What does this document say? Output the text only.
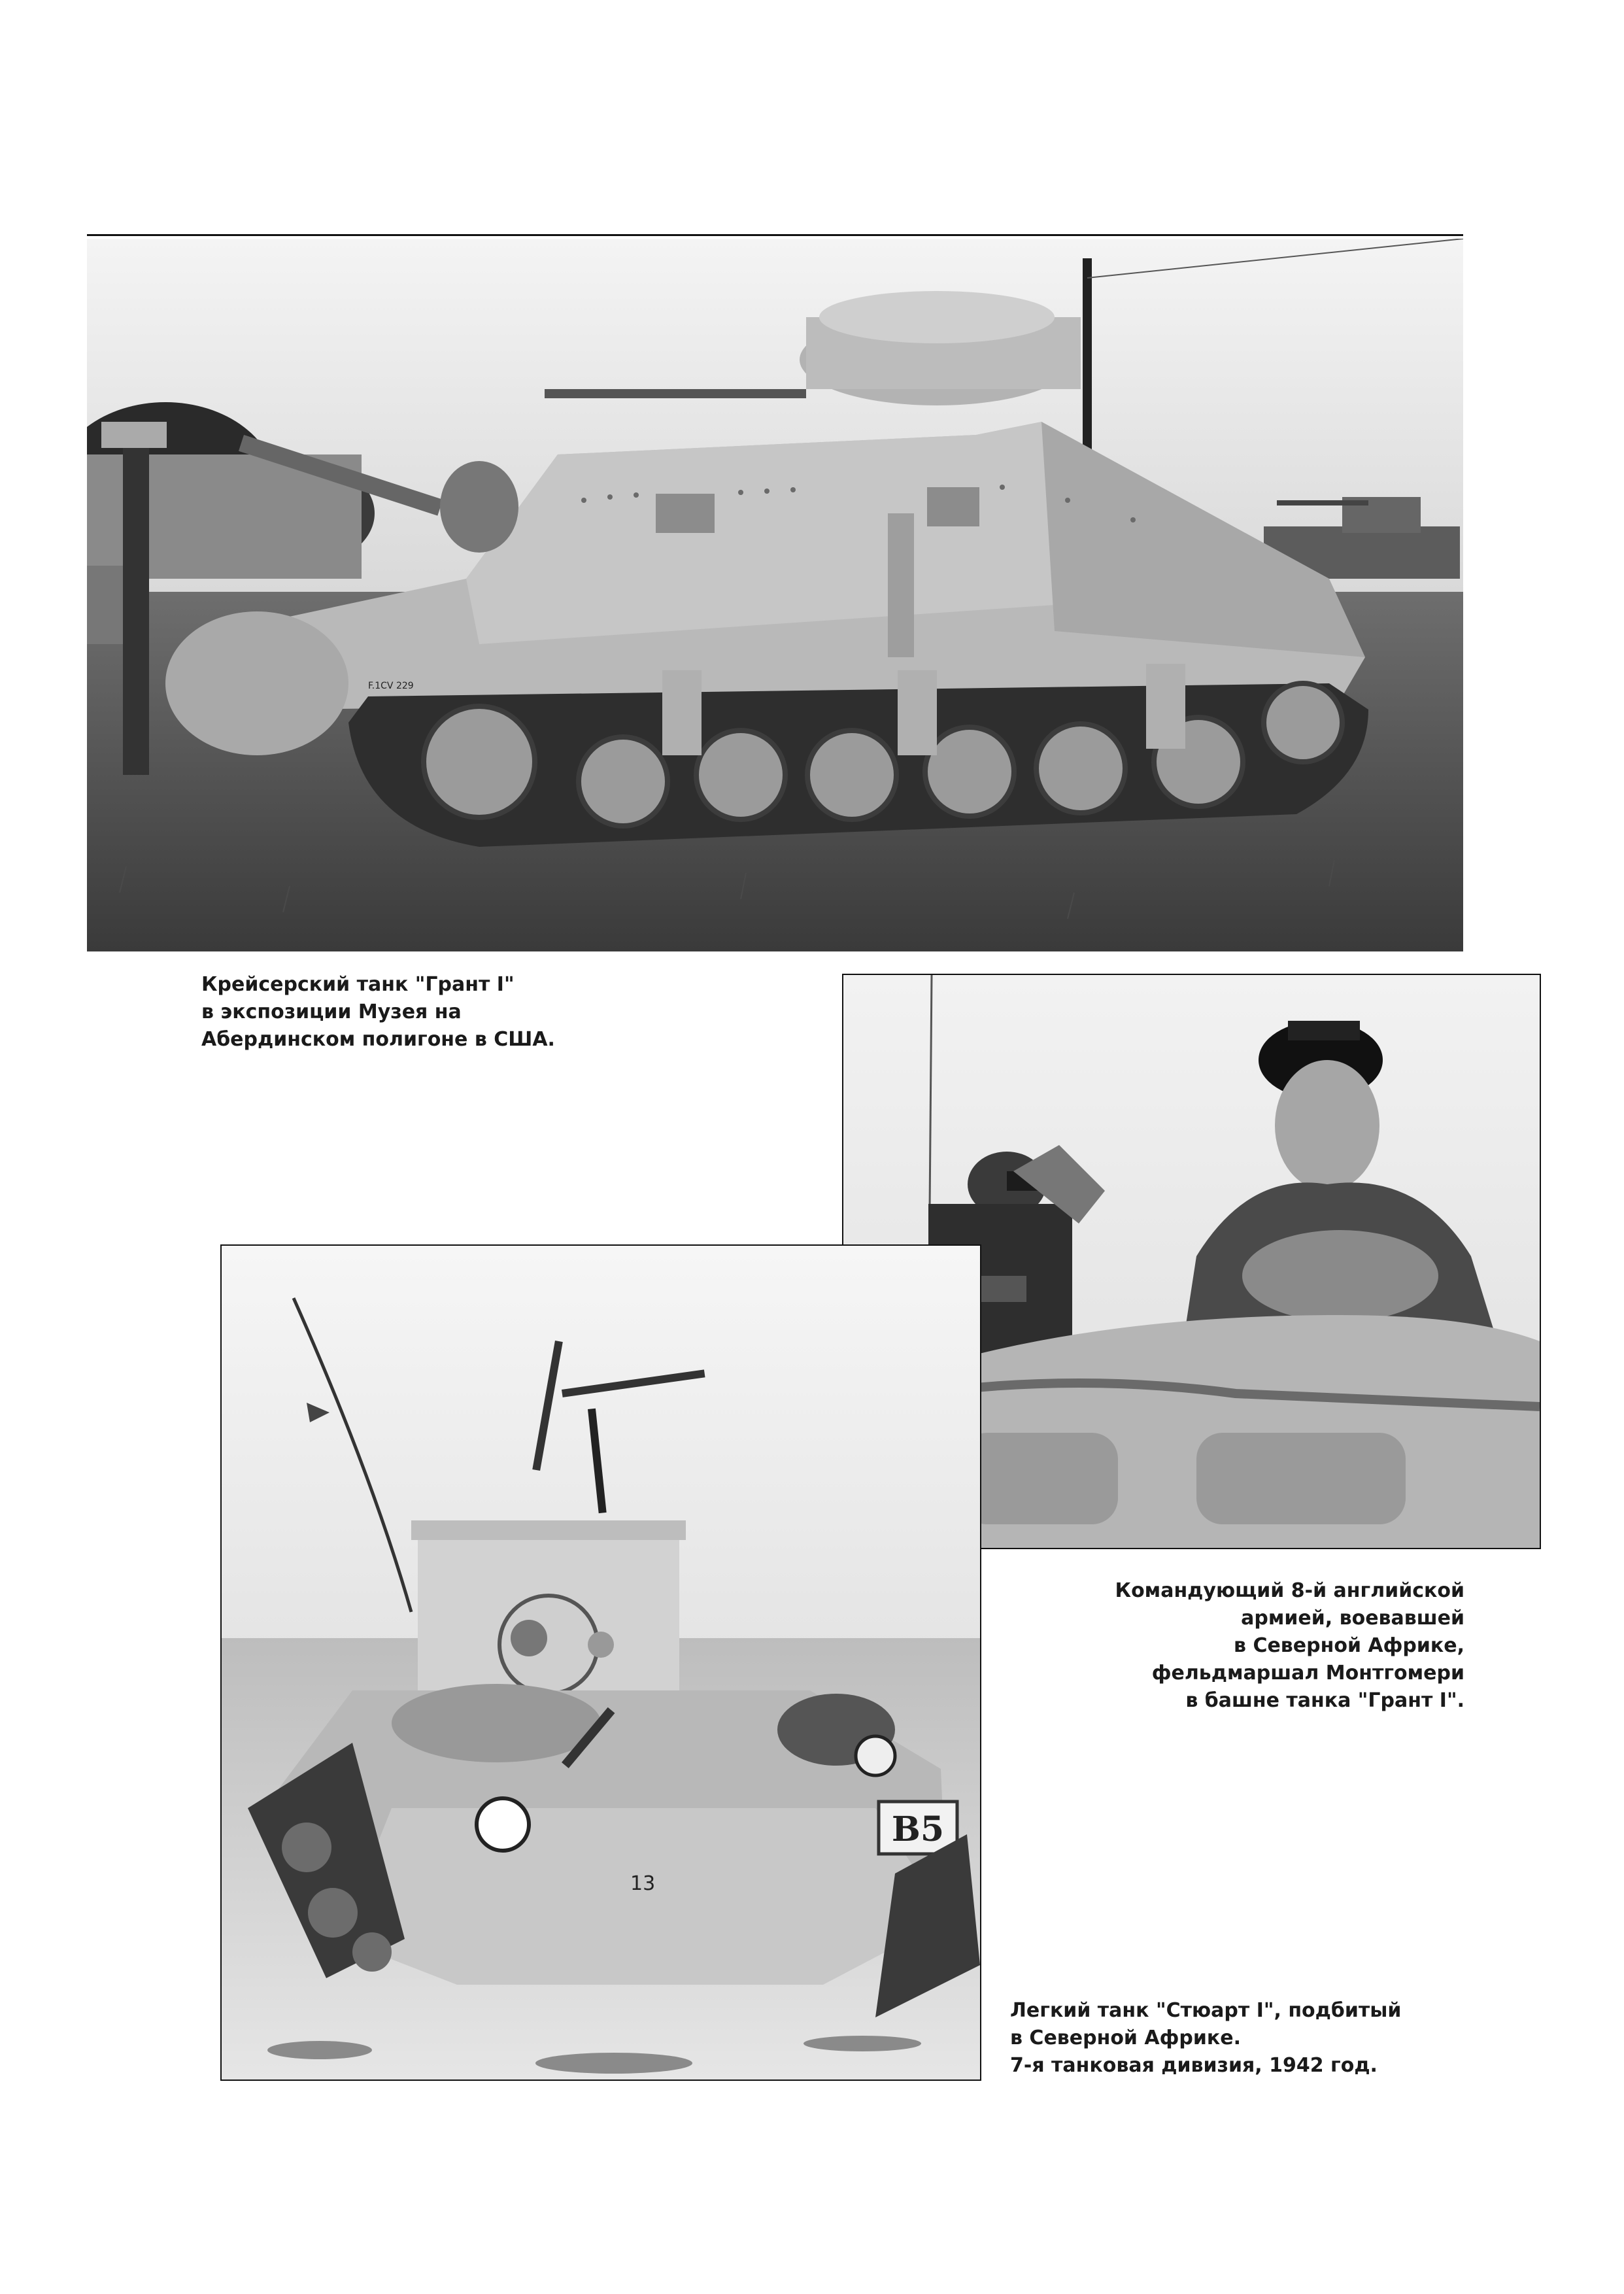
F.1CV 229

Крейсерский танк "Грант I"
в экспозиции Музея на
Абердинском полигоне в США.

Командующий 8-й английской
армией, воевавшей
в Северной Африке,
фельдмаршал Монтгомери
в башне танка "Грант I".

B5
13

Легкий танк "Стюарт I", подбитый
в Северной Африке.
7-я танковая дивизия, 1942 год.
